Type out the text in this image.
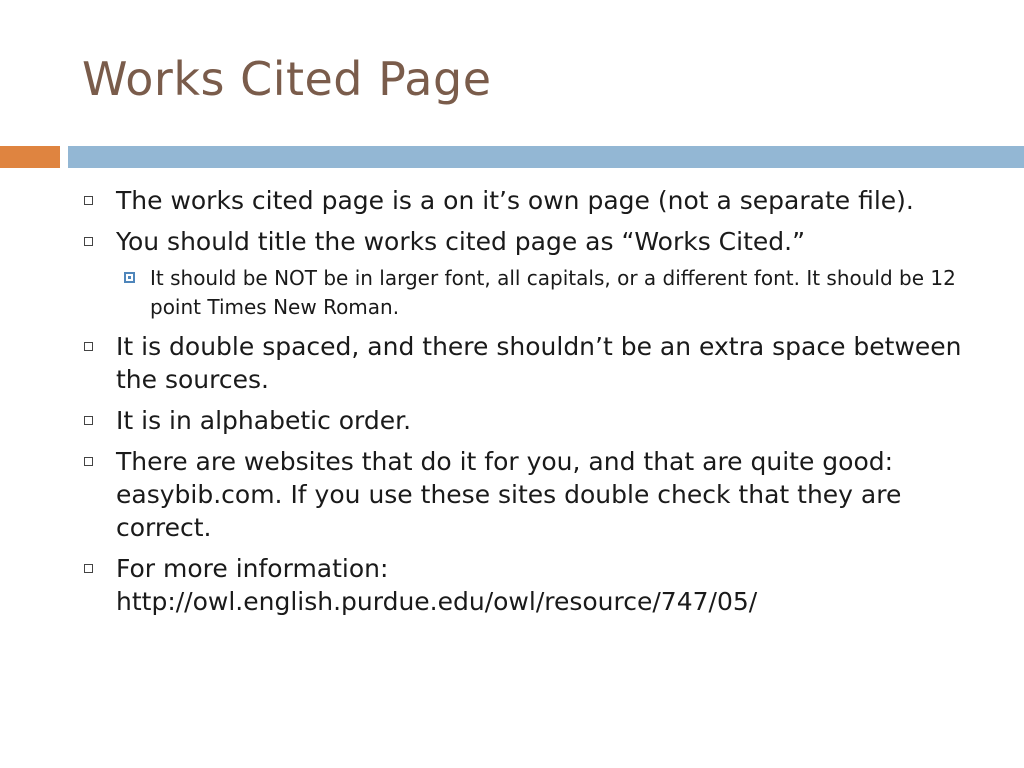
Works Cited Page
The works cited page is a on it’s own page (not a separate file).
You should title the works cited page as “Works Cited.”
It should be NOT be in larger font, all capitals, or a different font. It should be 12 point Times New Roman.
It is double spaced, and there shouldn’t be an extra space between the sources.
It is in alphabetic order.
There are websites that do it for you, and that are quite good: easybib.com. If you use these sites double check that they are correct.
For more information: http://owl.english.purdue.edu/owl/resource/747/05/
